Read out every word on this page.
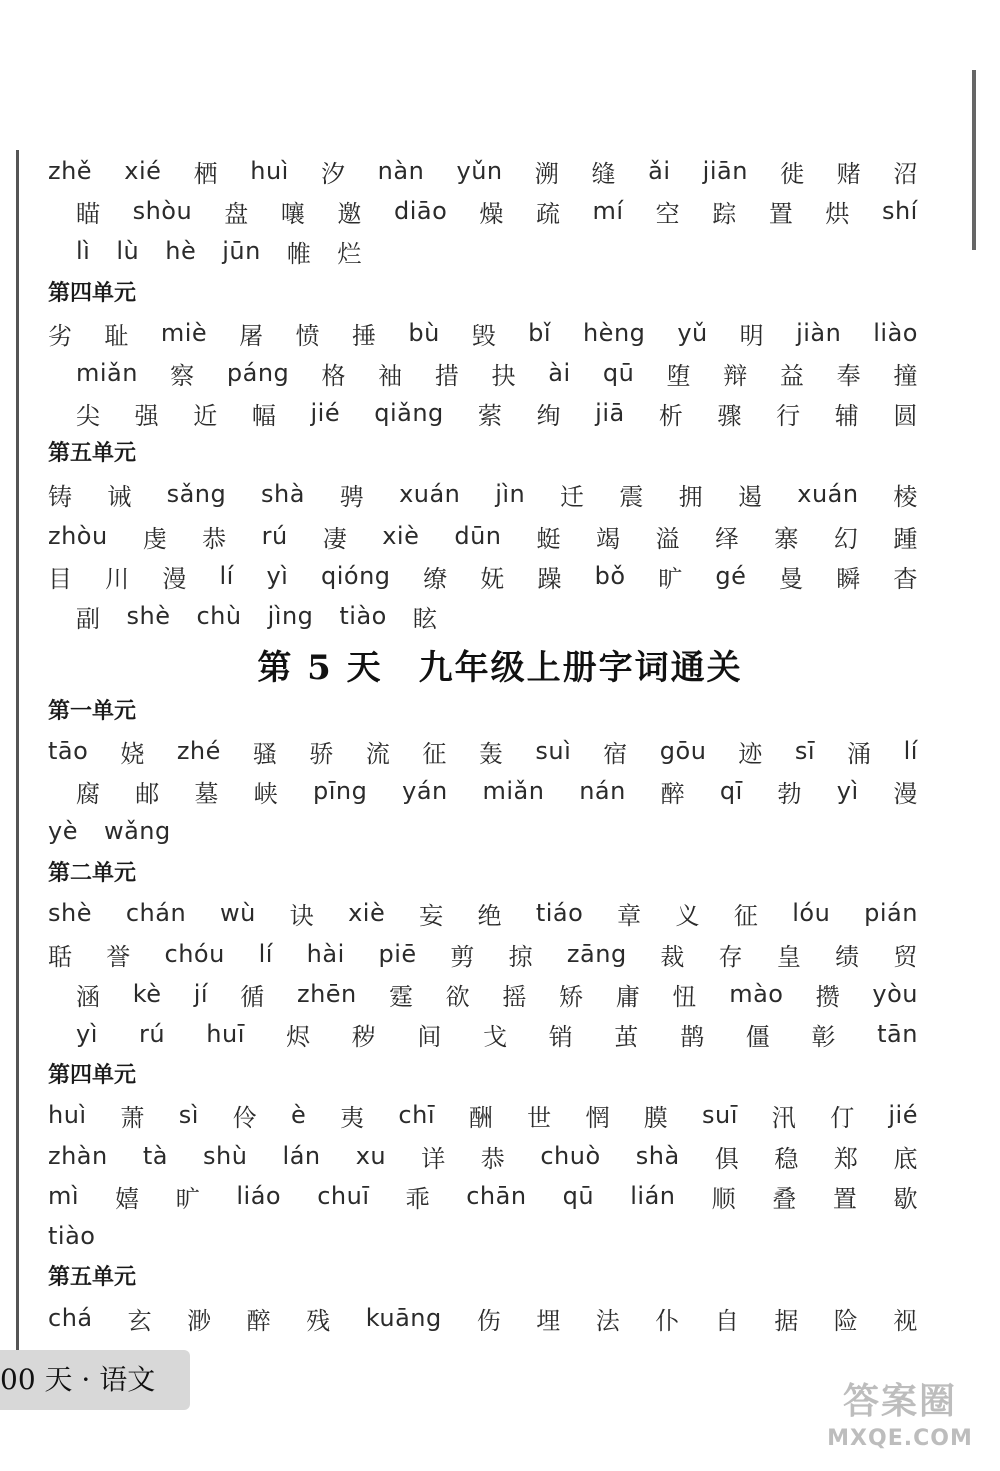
zhě xié 栖 huì 汐 nàn yǔn 溯 缝 ǎi jiān 徙 赌 沼
瞄 shòu 盘 嚷 邀 diāo 燥 疏 mí 空 踪 置 烘 shí
lì lù hè jūn 帷 烂
第四单元
劣 耻 miè 屠 愤 捶 bù 毁 bǐ hèng yǔ 明 jiàn liào
miǎn 察 páng 格 袖 措 抉 ài qū 堕 辩 益 奉 撞
尖 强 近 幅 jié qiǎng 萦 绚 jiā 析 骤 行 辅 圆
第五单元
铸 诫 sǎng shà 骋 xuán jìn 迁 震 拥 遏 xuán 棱
zhòu 虔 恭 rú 凄 xiè dūn 蜓 竭 溢 绎 寨 幻 踵
目 川 漫 lí yì qióng 缭 妩 躁 bǒ 旷 gé 曼 瞬 杳
副 shè chù jìng tiào 眩
第 5 天　九年级上册字词通关
第一单元
tāo 娆 zhé 骚 骄 流 征 轰 suì 宿 gōu 迹 sī 涌 lí
腐 邮 墓 峡 pīng yán miǎn nán 醉 qī 勃 yì 漫
yè wǎng
第二单元
shè chán wù 诀 xiè 妄 绝 tiáo 章 义 征 lóu pián
聒 誉 chóu lí hài piē 剪 掠 zāng 裁 存 皇 绩 贸
涵 kè jí 循 zhēn 霆 欲 摇 矫 庸 忸 mào 攒 yòu
yì rú huī 烬 秽 间 戈 销 茧 鹊 僵 彰 tān
第四单元
huì 萧 sì 伶 è 夷 chī 酬 世 惘 膜 suī 汛 仃 jié
zhàn tà shù lán xu 详 恭 chuò shà 俱 稳 郑 底
mì 嬉 旷 liáo chuī 乖 chān qū lián 顺 叠 置 歇
tiào
第五单元
chá 玄 渺 醉 残 kuāng 伤 埋 法 仆 自 据 险 视
00 天 · 语文
答案圈
MXQE.COM
